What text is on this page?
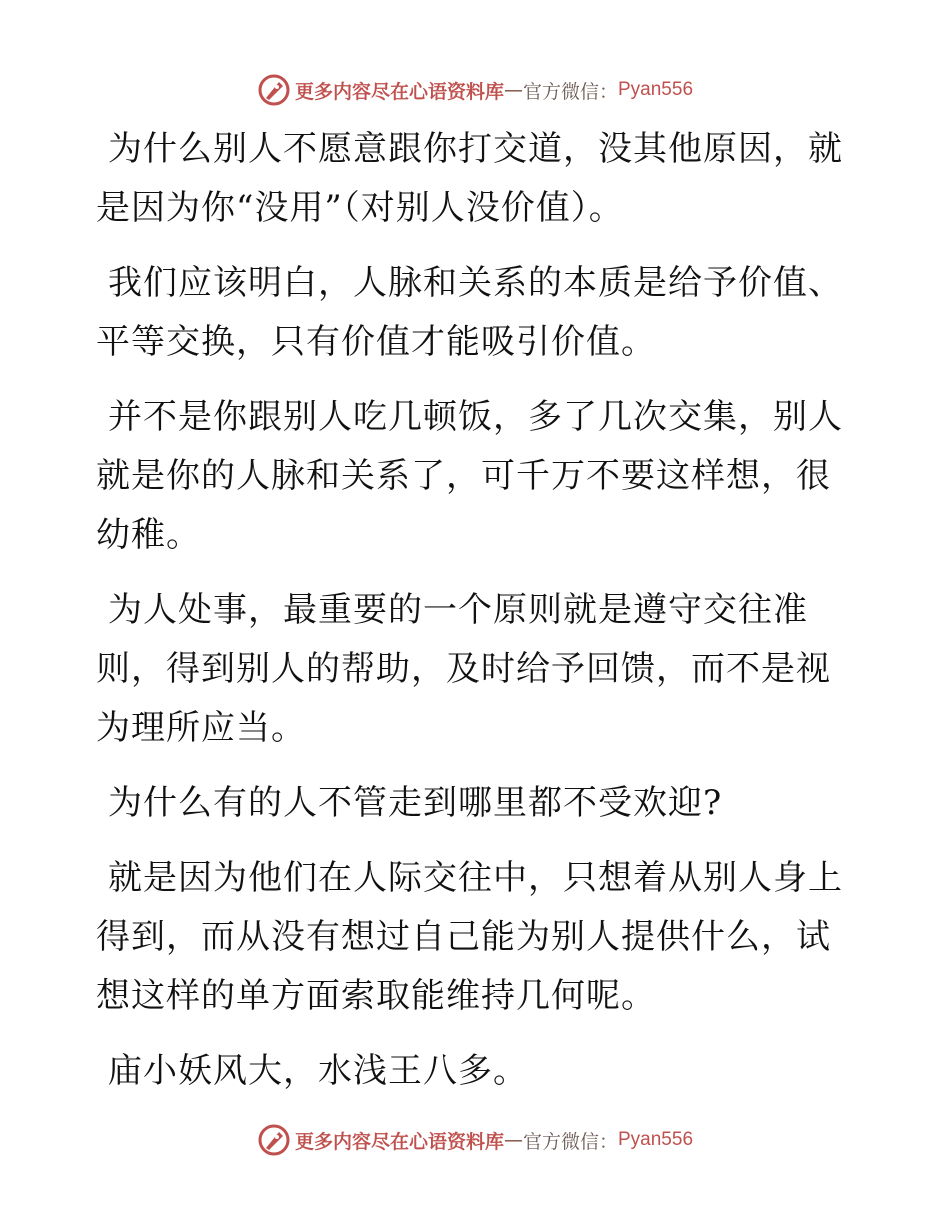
更多内容尽在心语资料库 — 官方微信： Pyan556

为什么别人不愿意跟你打交道，没其他原因，就是因为你“没用”（对别人没价值）。

我们应该明白，人脉和关系的本质是给予价值、平等交换，只有价值才能吸引价值。

并不是你跟别人吃几顿饭，多了几次交集，别人就是你的人脉和关系了，可千万不要这样想，很幼稚。

为人处事，最重要的一个原则就是遵守交往准则，得到别人的帮助，及时给予回馈，而不是视为理所应当。

为什么有的人不管走到哪里都不受欢迎?

就是因为他们在人际交往中，只想着从别人身上得到，而从没有想过自己能为别人提供什么，试想这样的单方面索取能维持几何呢。

庙小妖风大，水浅王八多。

更多内容尽在心语资料库 — 官方微信： Pyan556
